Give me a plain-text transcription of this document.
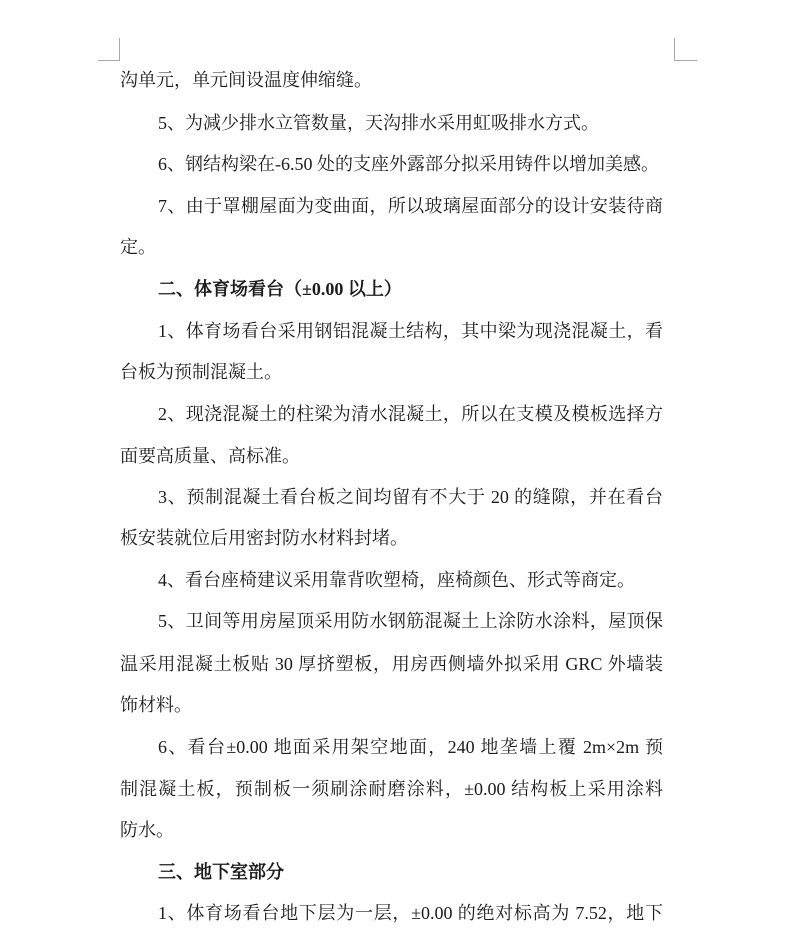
沟单元，单元间设温度伸缩缝。
5、为减少排水立管数量，天沟排水采用虹吸排水方式。
6、钢结构梁在-6.50 处的支座外露部分拟采用铸件以增加美感。
7、由于罩棚屋面为变曲面，所以玻璃屋面部分的设计安装待商
定。
二、体育场看台（±0.00 以上）
1、体育场看台采用钢铝混凝土结构，其中梁为现浇混凝土，看
台板为预制混凝土。
2、现浇混凝土的柱梁为清水混凝土，所以在支模及模板选择方
面要高质量、高标准。
3、预制混凝土看台板之间均留有不大于 20 的缝隙，并在看台
板安装就位后用密封防水材料封堵。
4、看台座椅建议采用靠背吹塑椅，座椅颜色、形式等商定。
5、卫间等用房屋顶采用防水钢筋混凝土上涂防水涂料，屋顶保
温采用混凝土板贴 30 厚挤塑板，用房西侧墙外拟采用 GRC 外墙装
饰材料。
6、看台±0.00 地面采用架空地面，240 地垄墙上覆 2m×2m 预
制混凝土板，预制板一须刷涂耐磨涂料，±0.00 结构板上采用涂料
防水。
三、地下室部分
1、体育场看台地下层为一层，±0.00 的绝对标高为 7.52，地下
